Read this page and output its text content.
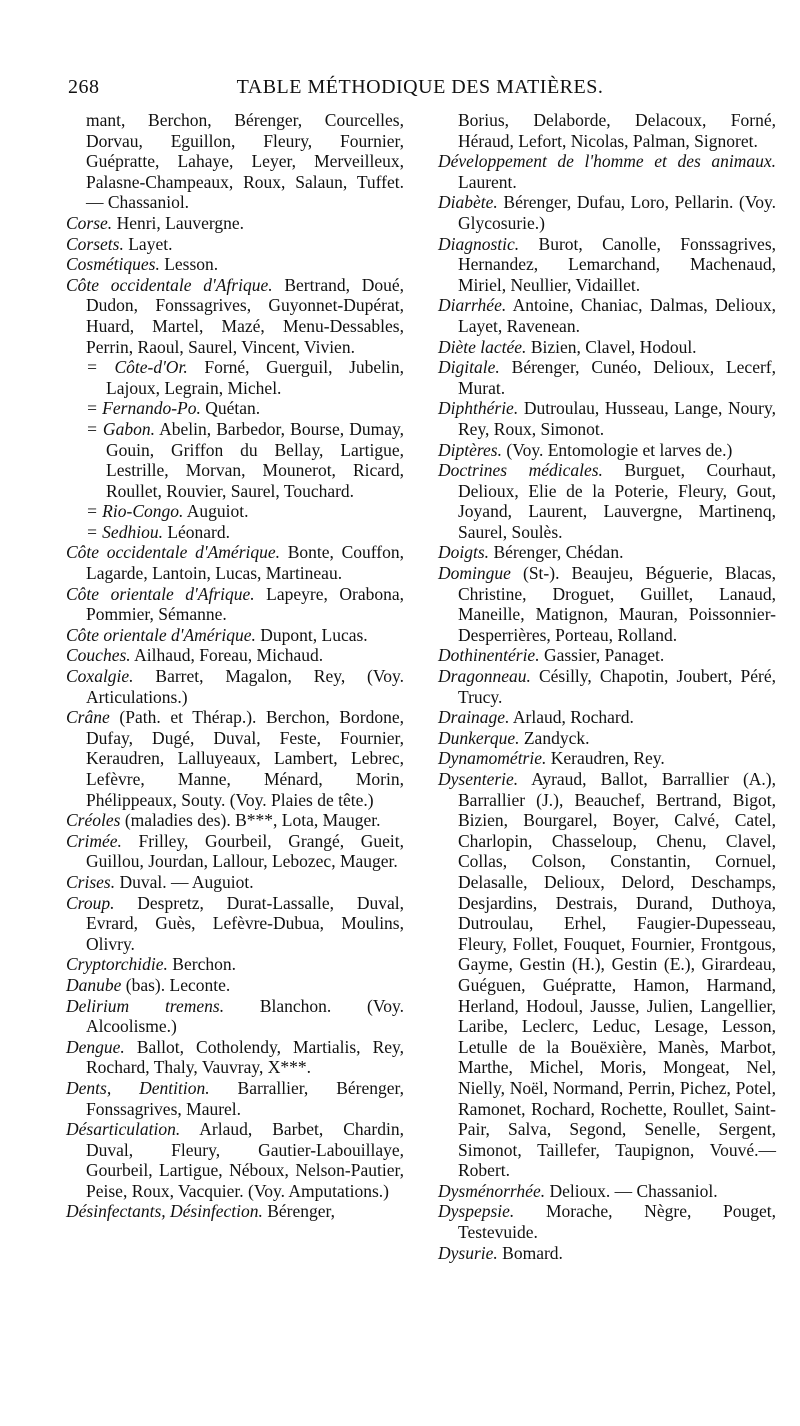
268	TABLE MÉTHODIQUE DES MATIÈRES.

mant, Berchon, Bérenger, Courcelles, Dorvau, Eguillon, Fleury, Fournier, Guépratte, Lahaye, Leyer, Merveilleux, Palasne-Champeaux, Roux, Salaun, Tuffet. — Chassaniol.

Corse. Henri, Lauvergne.

Corsets. Layet.

Cosmétiques. Lesson.

Côte occidentale d'Afrique. Bertrand, Doué, Dudon, Fonssagrives, Guyonnet-Dupérat, Huard, Martel, Mazé, Menu-Dessables, Perrin, Raoul, Saurel, Vincent, Vivien.

= Côte-d'Or. Forné, Guerguil, Jubelin, Lajoux, Legrain, Michel.

= Fernando-Po. Quétan.

= Gabon. Abelin, Barbedor, Bourse, Dumay, Gouin, Griffon du Bellay, Lartigue, Lestrille, Morvan, Mounerot, Ricard, Roullet, Rouvier, Saurel, Touchard.

= Rio-Congo. Auguiot.

= Sedhiou. Léonard.

Côte occidentale d'Amérique. Bonte, Couffon, Lagarde, Lantoin, Lucas, Martineau.

Côte orientale d'Afrique. Lapeyre, Orabona, Pommier, Sémanne.

Côte orientale d'Amérique. Dupont, Lucas.

Couches. Ailhaud, Foreau, Michaud.

Coxalgie. Barret, Magalon, Rey, (Voy. Articulations.)

Crâne (Path. et Thérap.). Berchon, Bordone, Dufay, Dugé, Duval, Feste, Fournier, Keraudren, Lalluyeaux, Lambert, Lebrec, Lefèvre, Manne, Ménard, Morin, Phélippeaux, Souty. (Voy. Plaies de tête.)

Créoles (maladies des). B***, Lota, Mauger.

Crimée. Frilley, Gourbeil, Grangé, Gueit, Guillou, Jourdan, Lallour, Lebozec, Mauger.

Crises. Duval. — Auguiot.

Croup. Despretz, Durat-Lassalle, Duval, Evrard, Guès, Lefèvre-Dubua, Moulins, Olivry.

Cryptorchidie. Berchon.

Danube (bas). Leconte.

Delirium tremens. Blanchon. (Voy. Alcoolisme.)

Dengue. Ballot, Cotholendy, Martialis, Rey, Rochard, Thaly, Vauvray, X***.

Dents, Dentition. Barrallier, Bérenger, Fonssagrives, Maurel.

Désarticulation. Arlaud, Barbet, Chardin, Duval, Fleury, Gautier-Labouillaye, Gourbeil, Lartigue, Néboux, Nelson-Pautier, Peise, Roux, Vacquier. (Voy. Amputations.)

Désinfectants, Désinfection. Bérenger,

Borius, Delaborde, Delacoux, Forné, Héraud, Lefort, Nicolas, Palman, Signoret.

Développement de l'homme et des animaux. Laurent.

Diabète. Bérenger, Dufau, Loro, Pellarin. (Voy. Glycosurie.)

Diagnostic. Burot, Canolle, Fonssagrives, Hernandez, Lemarchand, Machenaud, Miriel, Neullier, Vidaillet.

Diarrhée. Antoine, Chaniac, Dalmas, Delioux, Layet, Ravenean.

Diète lactée. Bizien, Clavel, Hodoul.

Digitale. Bérenger, Cunéo, Delioux, Lecerf, Murat.

Diphthérie. Dutroulau, Husseau, Lange, Noury, Rey, Roux, Simonot.

Diptères. (Voy. Entomologie et larves de.)

Doctrines médicales. Burguet, Courhaut, Delioux, Elie de la Poterie, Fleury, Gout, Joyand, Laurent, Lauvergne, Martinenq, Saurel, Soulès.

Doigts. Bérenger, Chédan.

Domingue (St-). Beaujeu, Béguerie, Blacas, Christine, Droguet, Guillet, Lanaud, Maneille, Matignon, Mauran, Poissonnier-Desperrières, Porteau, Rolland.

Dothinentérie. Gassier, Panaget.

Dragonneau. Césilly, Chapotin, Joubert, Péré, Trucy.

Drainage. Arlaud, Rochard.

Dunkerque. Zandyck.

Dynamométrie. Keraudren, Rey.

Dysenterie. Ayraud, Ballot, Barrallier (A.), Barrallier (J.), Beauchef, Bertrand, Bigot, Bizien, Bourgarel, Boyer, Calvé, Catel, Charlopin, Chasseloup, Chenu, Clavel, Collas, Colson, Constantin, Cornuel, Delasalle, Delioux, Delord, Deschamps, Desjardins, Destrais, Durand, Duthoya, Dutroulau, Erhel, Faugier-Dupesseau, Fleury, Follet, Fouquet, Fournier, Frontgous, Gayme, Gestin (H.), Gestin (E.), Girardeau, Guéguen, Guépratte, Hamon, Harmand, Herland, Hodoul, Jausse, Julien, Langellier, Laribe, Leclerc, Leduc, Lesage, Lesson, Letulle de la Bouëxière, Manès, Marbot, Marthe, Michel, Moris, Mongeat, Nel, Nielly, Noël, Normand, Perrin, Pichez, Potel, Ramonet, Rochard, Rochette, Roullet, Saint-Pair, Salva, Segond, Senelle, Sergent, Simonot, Taillefer, Taupignon, Vouvé.— Robert.

Dysménorrhée. Delioux. — Chassaniol.

Dyspepsie. Morache, Nègre, Pouget, Testevuide.

Dysurie. Bomard.
